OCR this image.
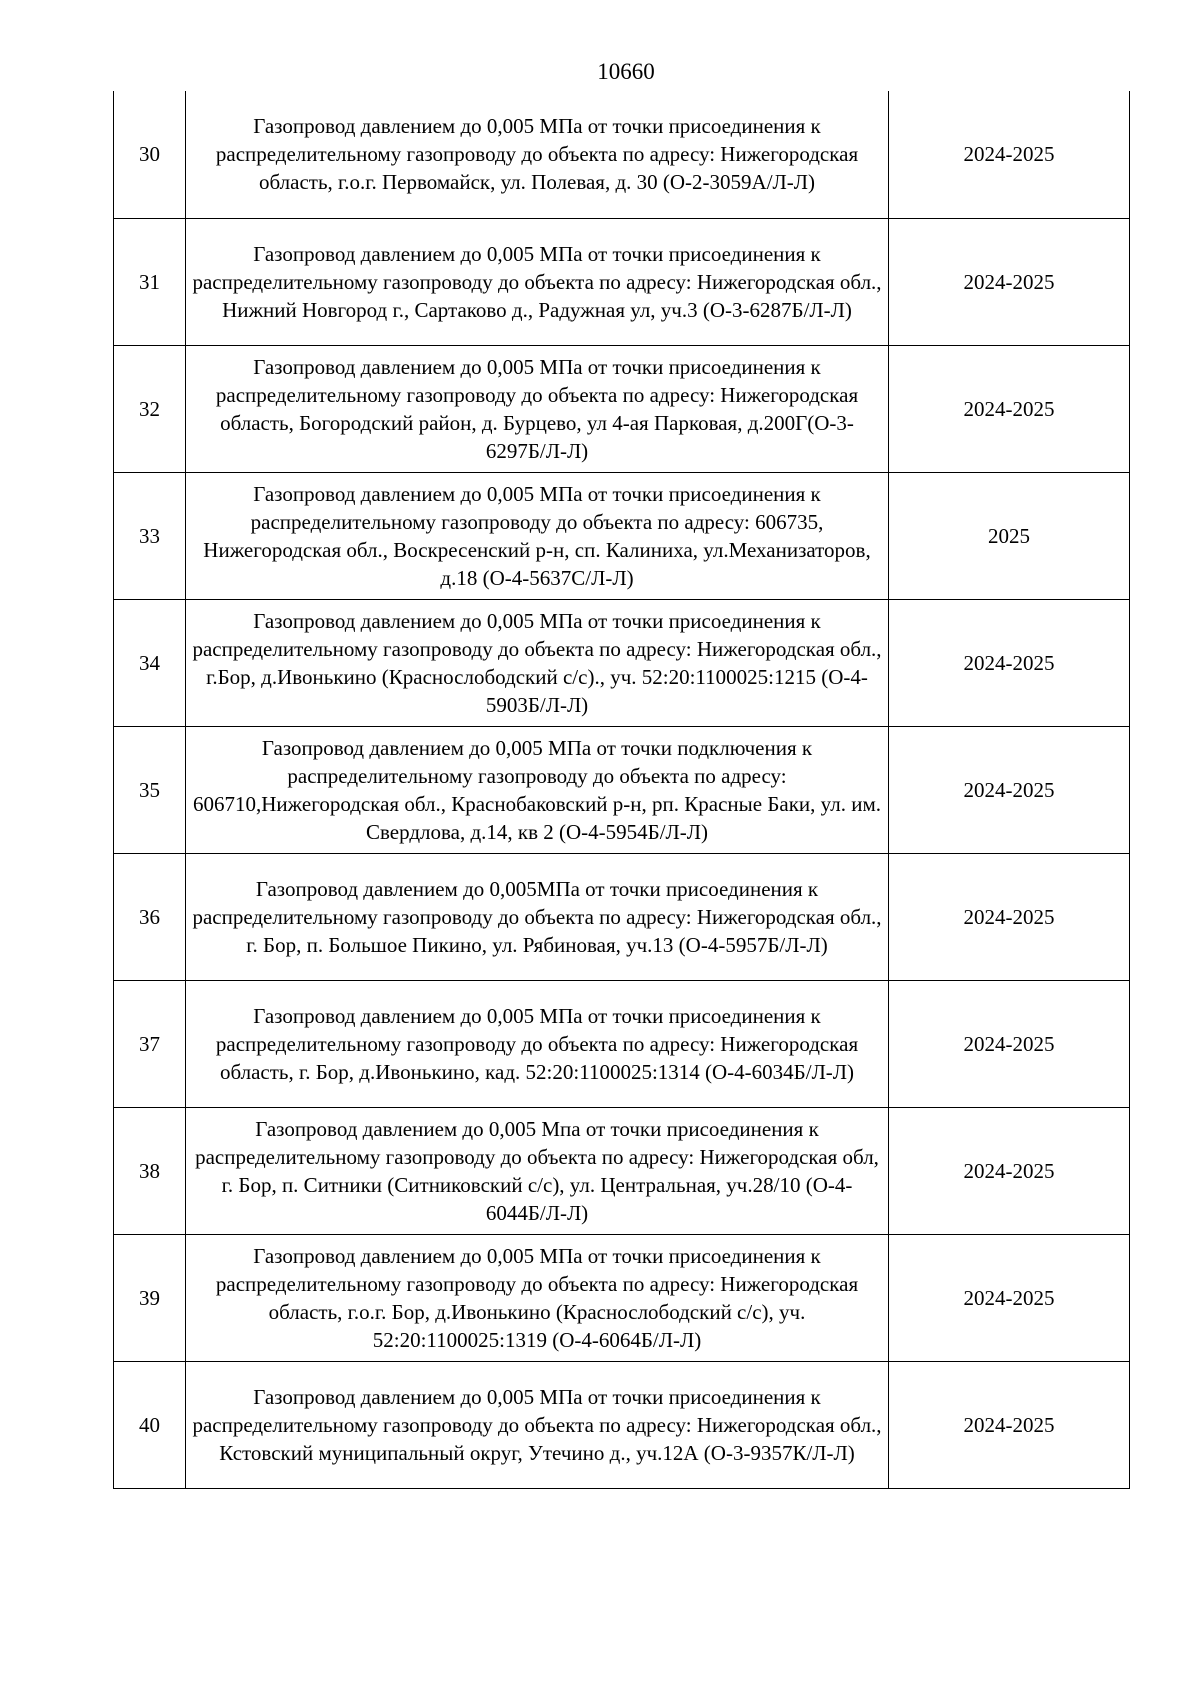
10660
30	Газопровод давлением до 0,005 МПа от точки присоединения к распределительному газопроводу до объекта по адресу: Нижегородская область, г.о.г. Первомайск, ул. Полевая, д. 30 (О-2-3059А/Л-Л)	2024-2025
31	Газопровод давлением до 0,005 МПа от точки присоединения к распределительному газопроводу до объекта по адресу: Нижегородская обл., Нижний Новгород г., Сартаково д., Радужная ул, уч.3 (О-3-6287Б/Л-Л)	2024-2025
32	Газопровод давлением до 0,005 МПа от точки присоединения к распределительному газопроводу до объекта по адресу: Нижегородская область, Богородский район, д. Бурцево, ул 4-ая Парковая, д.200Г(О-3-6297Б/Л-Л)	2024-2025
33	Газопровод давлением до 0,005 МПа от точки присоединения к распределительному газопроводу до объекта по адресу: 606735, Нижегородская обл., Воскресенский р-н, сп. Калиниха, ул.Механизаторов, д.18 (О-4-5637С/Л-Л)	2025
34	Газопровод давлением до 0,005 МПа от точки присоединения к распределительному газопроводу до объекта по адресу: Нижегородская обл., г.Бор, д.Ивонькино (Краснослободский с/с)., уч. 52:20:1100025:1215 (О-4-5903Б/Л-Л)	2024-2025
35	Газопровод давлением до 0,005 МПа от точки подключения к распределительному газопроводу до объекта по адресу: 606710,Нижегородская обл., Краснобаковский р-н, рп. Красные Баки, ул. им. Свердлова, д.14, кв 2 (О-4-5954Б/Л-Л)	2024-2025
36	Газопровод давлением до 0,005МПа от точки присоединения к распределительному газопроводу до объекта по адресу: Нижегородская обл., г. Бор, п. Большое Пикино, ул. Рябиновая, уч.13 (О-4-5957Б/Л-Л)	2024-2025
37	Газопровод давлением до 0,005 МПа от точки присоединения к распределительному газопроводу до объекта по адресу: Нижегородская область, г. Бор, д.Ивонькино, кад. 52:20:1100025:1314 (О-4-6034Б/Л-Л)	2024-2025
38	Газопровод давлением до 0,005 Мпа от точки присоединения к распределительному газопроводу до объекта по адресу: Нижегородская обл, г. Бор, п. Ситники (Ситниковский с/с), ул. Центральная, уч.28/10 (О-4-6044Б/Л-Л)	2024-2025
39	Газопровод давлением до 0,005 МПа от точки присоединения к распределительному газопроводу до объекта по адресу: Нижегородская область, г.о.г. Бор, д.Ивонькино (Краснослободский с/с), уч. 52:20:1100025:1319 (О-4-6064Б/Л-Л)	2024-2025
40	Газопровод давлением до 0,005 МПа от точки присоединения к распределительному газопроводу до объекта по адресу: Нижегородская обл., Кстовский муниципальный округ, Утечино д., уч.12А (О-3-9357К/Л-Л)	2024-2025
